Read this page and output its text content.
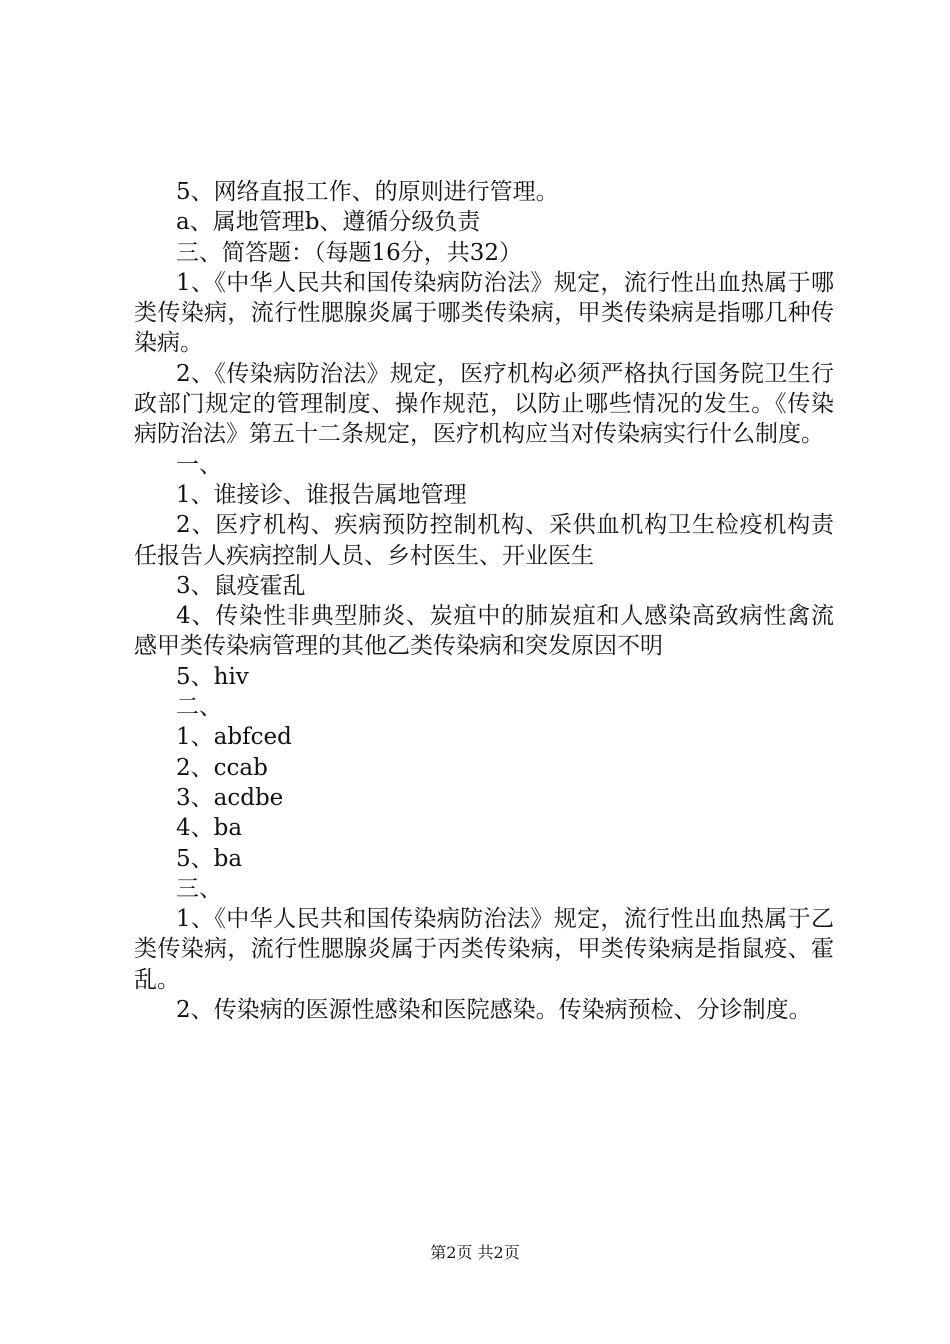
5、网络直报工作、的原则进行管理。

a、属地管理b、遵循分级负责

三、简答题：（每题16分，共32）

1、《中华人民共和国传染病防治法》规定，流行性出血热属于哪类传染病，流行性腮腺炎属于哪类传染病，甲类传染病是指哪几种传染病。

2、《传染病防治法》规定，医疗机构必须严格执行国务院卫生行政部门规定的管理制度、操作规范，以防止哪些情况的发生。《传染病防治法》第五十二条规定，医疗机构应当对传染病实行什么制度。

一、

1、谁接诊、谁报告属地管理

2、医疗机构、疾病预防控制机构、采供血机构卫生检疫机构责任报告人疾病控制人员、乡村医生、开业医生

3、鼠疫霍乱

4、传染性非典型肺炎、炭疽中的肺炭疽和人感染高致病性禽流感甲类传染病管理的其他乙类传染病和突发原因不明

5、hiv

二、

1、abfced

2、ccab

3、acdbe

4、ba

5、ba

三、

1、《中华人民共和国传染病防治法》规定，流行性出血热属于乙类传染病，流行性腮腺炎属于丙类传染病，甲类传染病是指鼠疫、霍乱。

2、传染病的医源性感染和医院感染。传染病预检、分诊制度。

第2页 共2页
